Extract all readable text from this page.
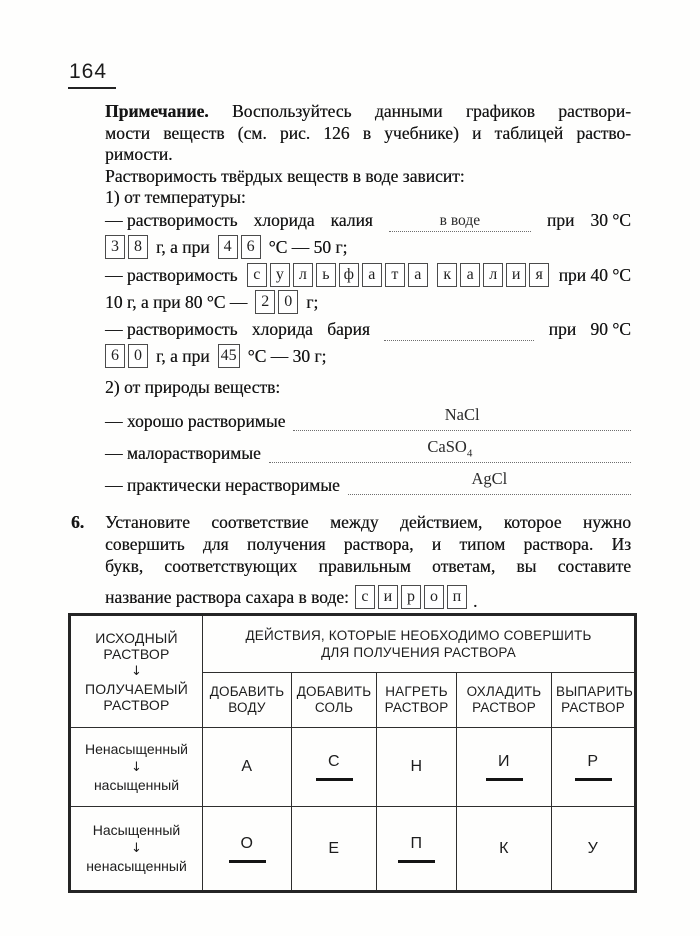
164
Примечание. Воспользуйтесь данными графиков раствори-
мости веществ (см. рис. 126 в учебнике) и таблицей раство-
римости.
Растворимость твёрдых веществ в воде зависит:
1) от температуры:
— растворимость хлорида калия	в воде	при 30 °С
3 8 г, а при 4 6 °С — 50 г;
— растворимость с у л ь ф а т а	к а л и я при 40 °С
10 г, а при 80 °С — 2 0 г;
— растворимость хлорида бария	при 90 °С
6 0 г, а при 45 °С — 30 г;
2) от природы веществ:
— хорошо растворимые	NaCl
— малорастворимые	CaSO$_4$
— практически нерастворимые	AgCl
6. Установите соответствие между действием, которое нужно
совершить для получения раствора, и типом раствора. Из
букв, соответствующих правильным ответам, вы составите
название раствора сахара в воде: с и р о п .
ИСХОДНЫЙ РАСТВОР
↓
ПОЛУЧАЕМЫЙ РАСТВОР

ДЕЙСТВИЯ, КОТОРЫЕ НЕОБХОДИМО СОВЕРШИТЬ
ДЛЯ ПОЛУЧЕНИЯ РАСТВОРА

	ДОБАВИТЬ ВОДУ	ДОБАВИТЬ СОЛЬ	НАГРЕТЬ РАСТВОР	ОХЛАДИТЬ РАСТВОР	ВЫПАРИТЬ РАСТВОР

Ненасыщенный
↓
насыщенный	А	С	Н	И	Р

Насыщенный
↓
ненасыщенный	О	Е	П	К	У
